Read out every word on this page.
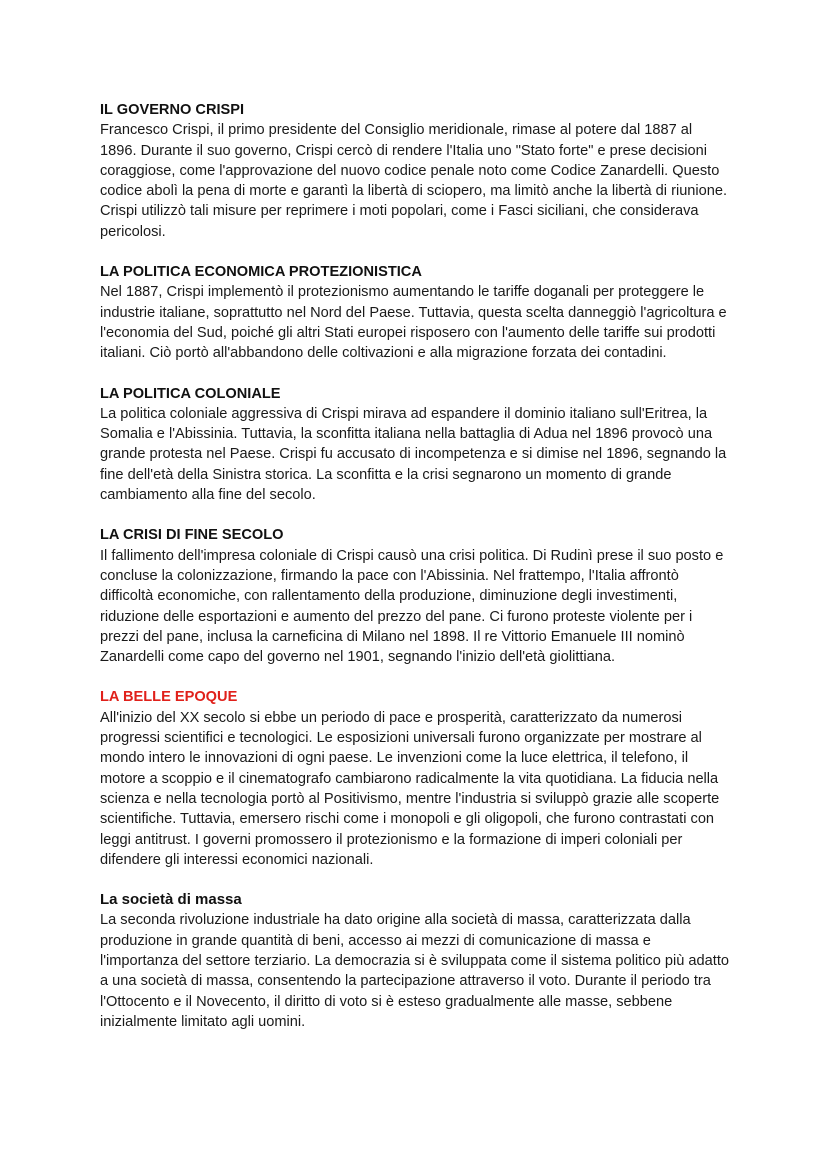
IL GOVERNO CRISPI

Francesco Crispi, il primo presidente del Consiglio meridionale, rimase al potere dal 1887 al 1896. Durante il suo governo, Crispi cercò di rendere l'Italia uno "Stato forte" e prese decisioni coraggiose, come l'approvazione del nuovo codice penale noto come Codice Zanardelli. Questo codice abolì la pena di morte e garantì la libertà di sciopero, ma limitò anche la libertà di riunione. Crispi utilizzò tali misure per reprimere i moti popolari, come i Fasci siciliani, che considerava pericolosi.

LA POLITICA ECONOMICA PROTEZIONISTICA

Nel 1887, Crispi implementò il protezionismo aumentando le tariffe doganali per proteggere le industrie italiane, soprattutto nel Nord del Paese. Tuttavia, questa scelta danneggiò l'agricoltura e l'economia del Sud, poiché gli altri Stati europei risposero con l'aumento delle tariffe sui prodotti italiani. Ciò portò all'abbandono delle coltivazioni e alla migrazione forzata dei contadini.

LA POLITICA COLONIALE

La politica coloniale aggressiva di Crispi mirava ad espandere il dominio italiano sull'Eritrea, la Somalia e l'Abissinia. Tuttavia, la sconfitta italiana nella battaglia di Adua nel 1896 provocò una grande protesta nel Paese. Crispi fu accusato di incompetenza e si dimise nel 1896, segnando la fine dell'età della Sinistra storica. La sconfitta e la crisi segnarono un momento di grande cambiamento alla fine del secolo.

LA CRISI DI FINE SECOLO

Il fallimento dell'impresa coloniale di Crispi causò una crisi politica. Di Rudinì prese il suo posto e concluse la colonizzazione, firmando la pace con l'Abissinia. Nel frattempo, l'Italia affrontò difficoltà economiche, con rallentamento della produzione, diminuzione degli investimenti, riduzione delle esportazioni e aumento del prezzo del pane. Ci furono proteste violente per i prezzi del pane, inclusa la carneficina di Milano nel 1898. Il re Vittorio Emanuele III nominò Zanardelli come capo del governo nel 1901, segnando l'inizio dell'età giolittiana.

LA BELLE EPOQUE

All'inizio del XX secolo si ebbe un periodo di pace e prosperità, caratterizzato da numerosi progressi scientifici e tecnologici. Le esposizioni universali furono organizzate per mostrare al mondo intero le innovazioni di ogni paese. Le invenzioni come la luce elettrica, il telefono, il motore a scoppio e il cinematografo cambiarono radicalmente la vita quotidiana. La fiducia nella scienza e nella tecnologia portò al Positivismo, mentre l'industria si sviluppò grazie alle scoperte scientifiche. Tuttavia, emersero rischi come i monopoli e gli oligopoli, che furono contrastati con leggi antitrust. I governi promossero il protezionismo e la formazione di imperi coloniali per difendere gli interessi economici nazionali.

La società di massa

La seconda rivoluzione industriale ha dato origine alla società di massa, caratterizzata dalla produzione in grande quantità di beni, accesso ai mezzi di comunicazione di massa e l'importanza del settore terziario. La democrazia si è sviluppata come il sistema politico più adatto a una società di massa, consentendo la partecipazione attraverso il voto. Durante il periodo tra l'Ottocento e il Novecento, il diritto di voto si è esteso gradualmente alle masse, sebbene inizialmente limitato agli uomini.
